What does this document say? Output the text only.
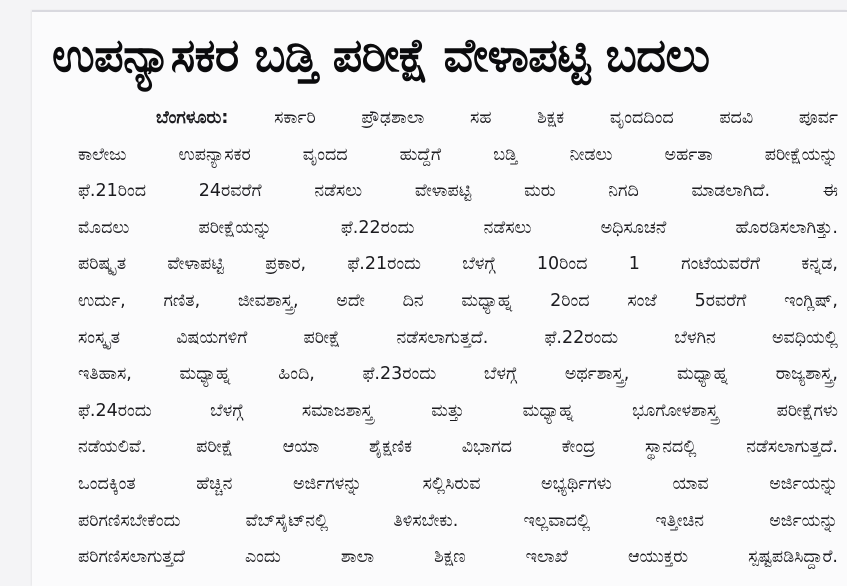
ಉಪನ್ಯಾಸಕರ ಬಡ್ತಿ ಪರೀಕ್ಷೆ ವೇಳಾಪಟ್ಟಿ ಬದಲು
ಬೆಂಗಳೂರು: ಸರ್ಕಾರಿ ಪ್ರೌಢಶಾಲಾ ಸಹ ಶಿಕ್ಷಕ ವೃಂದದಿಂದ ಪದವಿ ಪೂರ್ವ
ಕಾಲೇಜು ಉಪನ್ಯಾಸಕರ ವೃಂದದ ಹುದ್ದೆಗೆ ಬಡ್ತಿ ನೀಡಲು ಅರ್ಹತಾ ಪರೀಕ್ಷೆಯನ್ನು
ಫೆ.21ರಿಂದ 24ರವರೆಗೆ ನಡೆಸಲು ವೇಳಾಪಟ್ಟಿ ಮರು ನಿಗದಿ ಮಾಡಲಾಗಿದೆ. ಈ
ಮೊದಲು ಪರೀಕ್ಷೆಯನ್ನು ಫೆ.22ರಂದು ನಡೆಸಲು ಅಧಿಸೂಚನೆ ಹೊರಡಿಸಲಾಗಿತ್ತು.
ಪರಿಷ್ಕೃತ ವೇಳಾಪಟ್ಟಿ ಪ್ರಕಾರ, ಫೆ.21ರಂದು ಬೆಳಗ್ಗೆ 10ರಿಂದ 1 ಗಂಟೆಯವರೆಗೆ ಕನ್ನಡ,
ಉರ್ದು, ಗಣಿತ, ಜೀವಶಾಸ್ತ್ರ, ಅದೇ ದಿನ ಮಧ್ಯಾಹ್ನ 2ರಿಂದ ಸಂಜೆ 5ರವರೆಗೆ ಇಂಗ್ಲಿಷ್,
ಸಂಸ್ಕೃತ ವಿಷಯಗಳಿಗೆ ಪರೀಕ್ಷೆ ನಡೆಸಲಾಗುತ್ತದೆ. ಫೆ.22ರಂದು ಬೆಳಗಿನ ಅವಧಿಯಲ್ಲಿ
ಇತಿಹಾಸ, ಮಧ್ಯಾಹ್ನ ಹಿಂದಿ, ಫೆ.23ರಂದು ಬೆಳಗ್ಗೆ ಅರ್ಥಶಾಸ್ತ್ರ, ಮಧ್ಯಾಹ್ನ ರಾಜ್ಯಶಾಸ್ತ್ರ,
ಫೆ.24ರಂದು ಬೆಳಗ್ಗೆ ಸಮಾಜಶಾಸ್ತ್ರ ಮತ್ತು ಮಧ್ಯಾಹ್ನ ಭೂಗೋಳಶಾಸ್ತ್ರ ಪರೀಕ್ಷೆಗಳು
ನಡೆಯಲಿವೆ. ಪರೀಕ್ಷೆ ಆಯಾ ಶೈಕ್ಷಣಿಕ ವಿಭಾಗದ ಕೇಂದ್ರ ಸ್ಥಾನದಲ್ಲಿ ನಡೆಸಲಾಗುತ್ತದೆ.
ಒಂದಕ್ಕಿಂತ ಹೆಚ್ಚಿನ ಅರ್ಜಿಗಳನ್ನು ಸಲ್ಲಿಸಿರುವ ಅಭ್ಯರ್ಥಿಗಳು ಯಾವ ಅರ್ಜಿಯನ್ನು
ಪರಿಗಣಿಸಬೇಕೆಂದು ವೆಬ್‌ಸೈಟ್‌ನಲ್ಲಿ ತಿಳಿಸಬೇಕು. ಇಲ್ಲವಾದಲ್ಲಿ ಇತ್ತೀಚಿನ ಅರ್ಜಿಯನ್ನು
ಪರಿಗಣಿಸಲಾಗುತ್ತದೆ ಎಂದು ಶಾಲಾ ಶಿಕ್ಷಣ ಇಲಾಖೆ ಆಯುಕ್ತರು ಸ್ಪಷ್ಟಪಡಿಸಿದ್ದಾರೆ.
